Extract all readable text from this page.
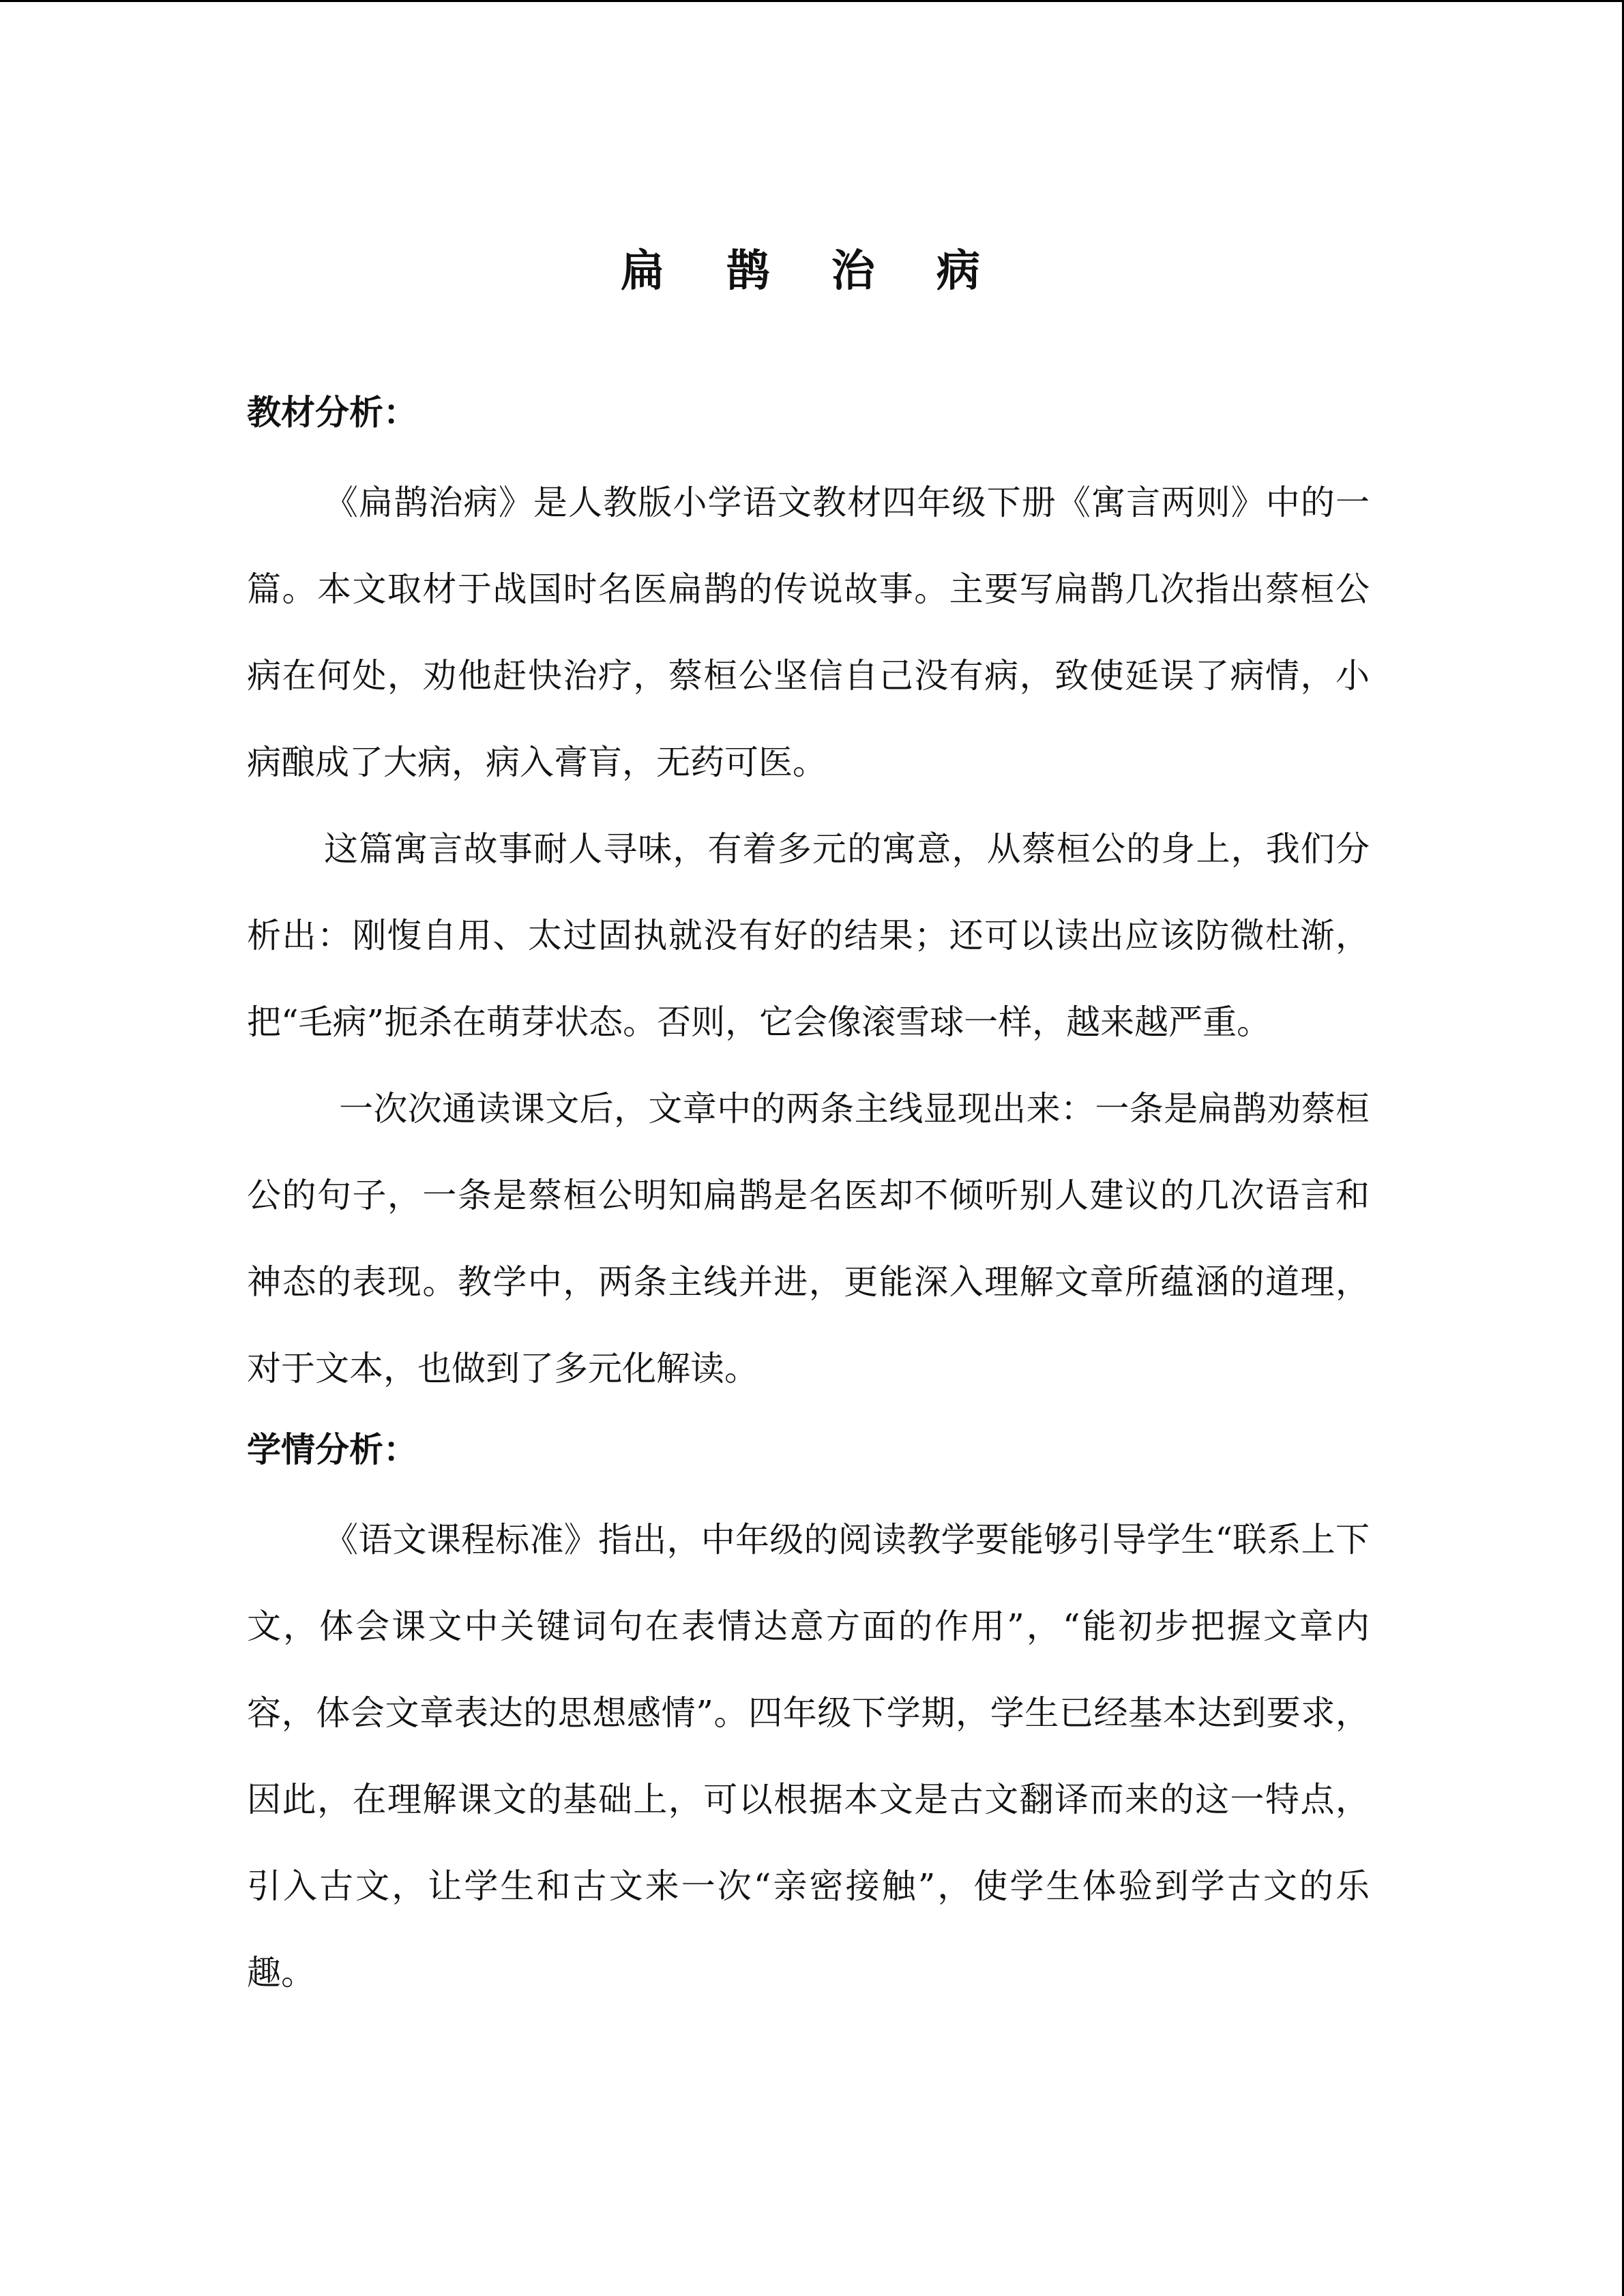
扁 鹊 治 病
教材分析：

《扁鹊治病》是人教版小学语文教材四年级下册《寓言两则》中的一篇。本文取材于战国时名医扁鹊的传说故事。主要写扁鹊几次指出蔡桓公病在何处，劝他赶快治疗，蔡桓公坚信自己没有病，致使延误了病情，小病酿成了大病，病入膏肓，无药可医。

这篇寓言故事耐人寻味，有着多元的寓意，从蔡桓公的身上，我们分析出：刚愎自用、太过固执就没有好的结果；还可以读出应该防微杜渐，把“毛病”扼杀在萌芽状态。否则，它会像滚雪球一样，越来越严重。

一次次通读课文后，文章中的两条主线显现出来：一条是扁鹊劝蔡桓公的句子，一条是蔡桓公明知扁鹊是名医却不倾听别人建议的几次语言和神态的表现。教学中，两条主线并进，更能深入理解文章所蕴涵的道理，对于文本，也做到了多元化解读。

学情分析：

《语文课程标准》指出，中年级的阅读教学要能够引导学生“联系上下文，体会课文中关键词句在表情达意方面的作用”，“能初步把握文章内容，体会文章表达的思想感情”。四年级下学期，学生已经基本达到要求，因此，在理解课文的基础上，可以根据本文是古文翻译而来的这一特点，引入古文，让学生和古文来一次“亲密接触”，使学生体验到学古文的乐趣。
